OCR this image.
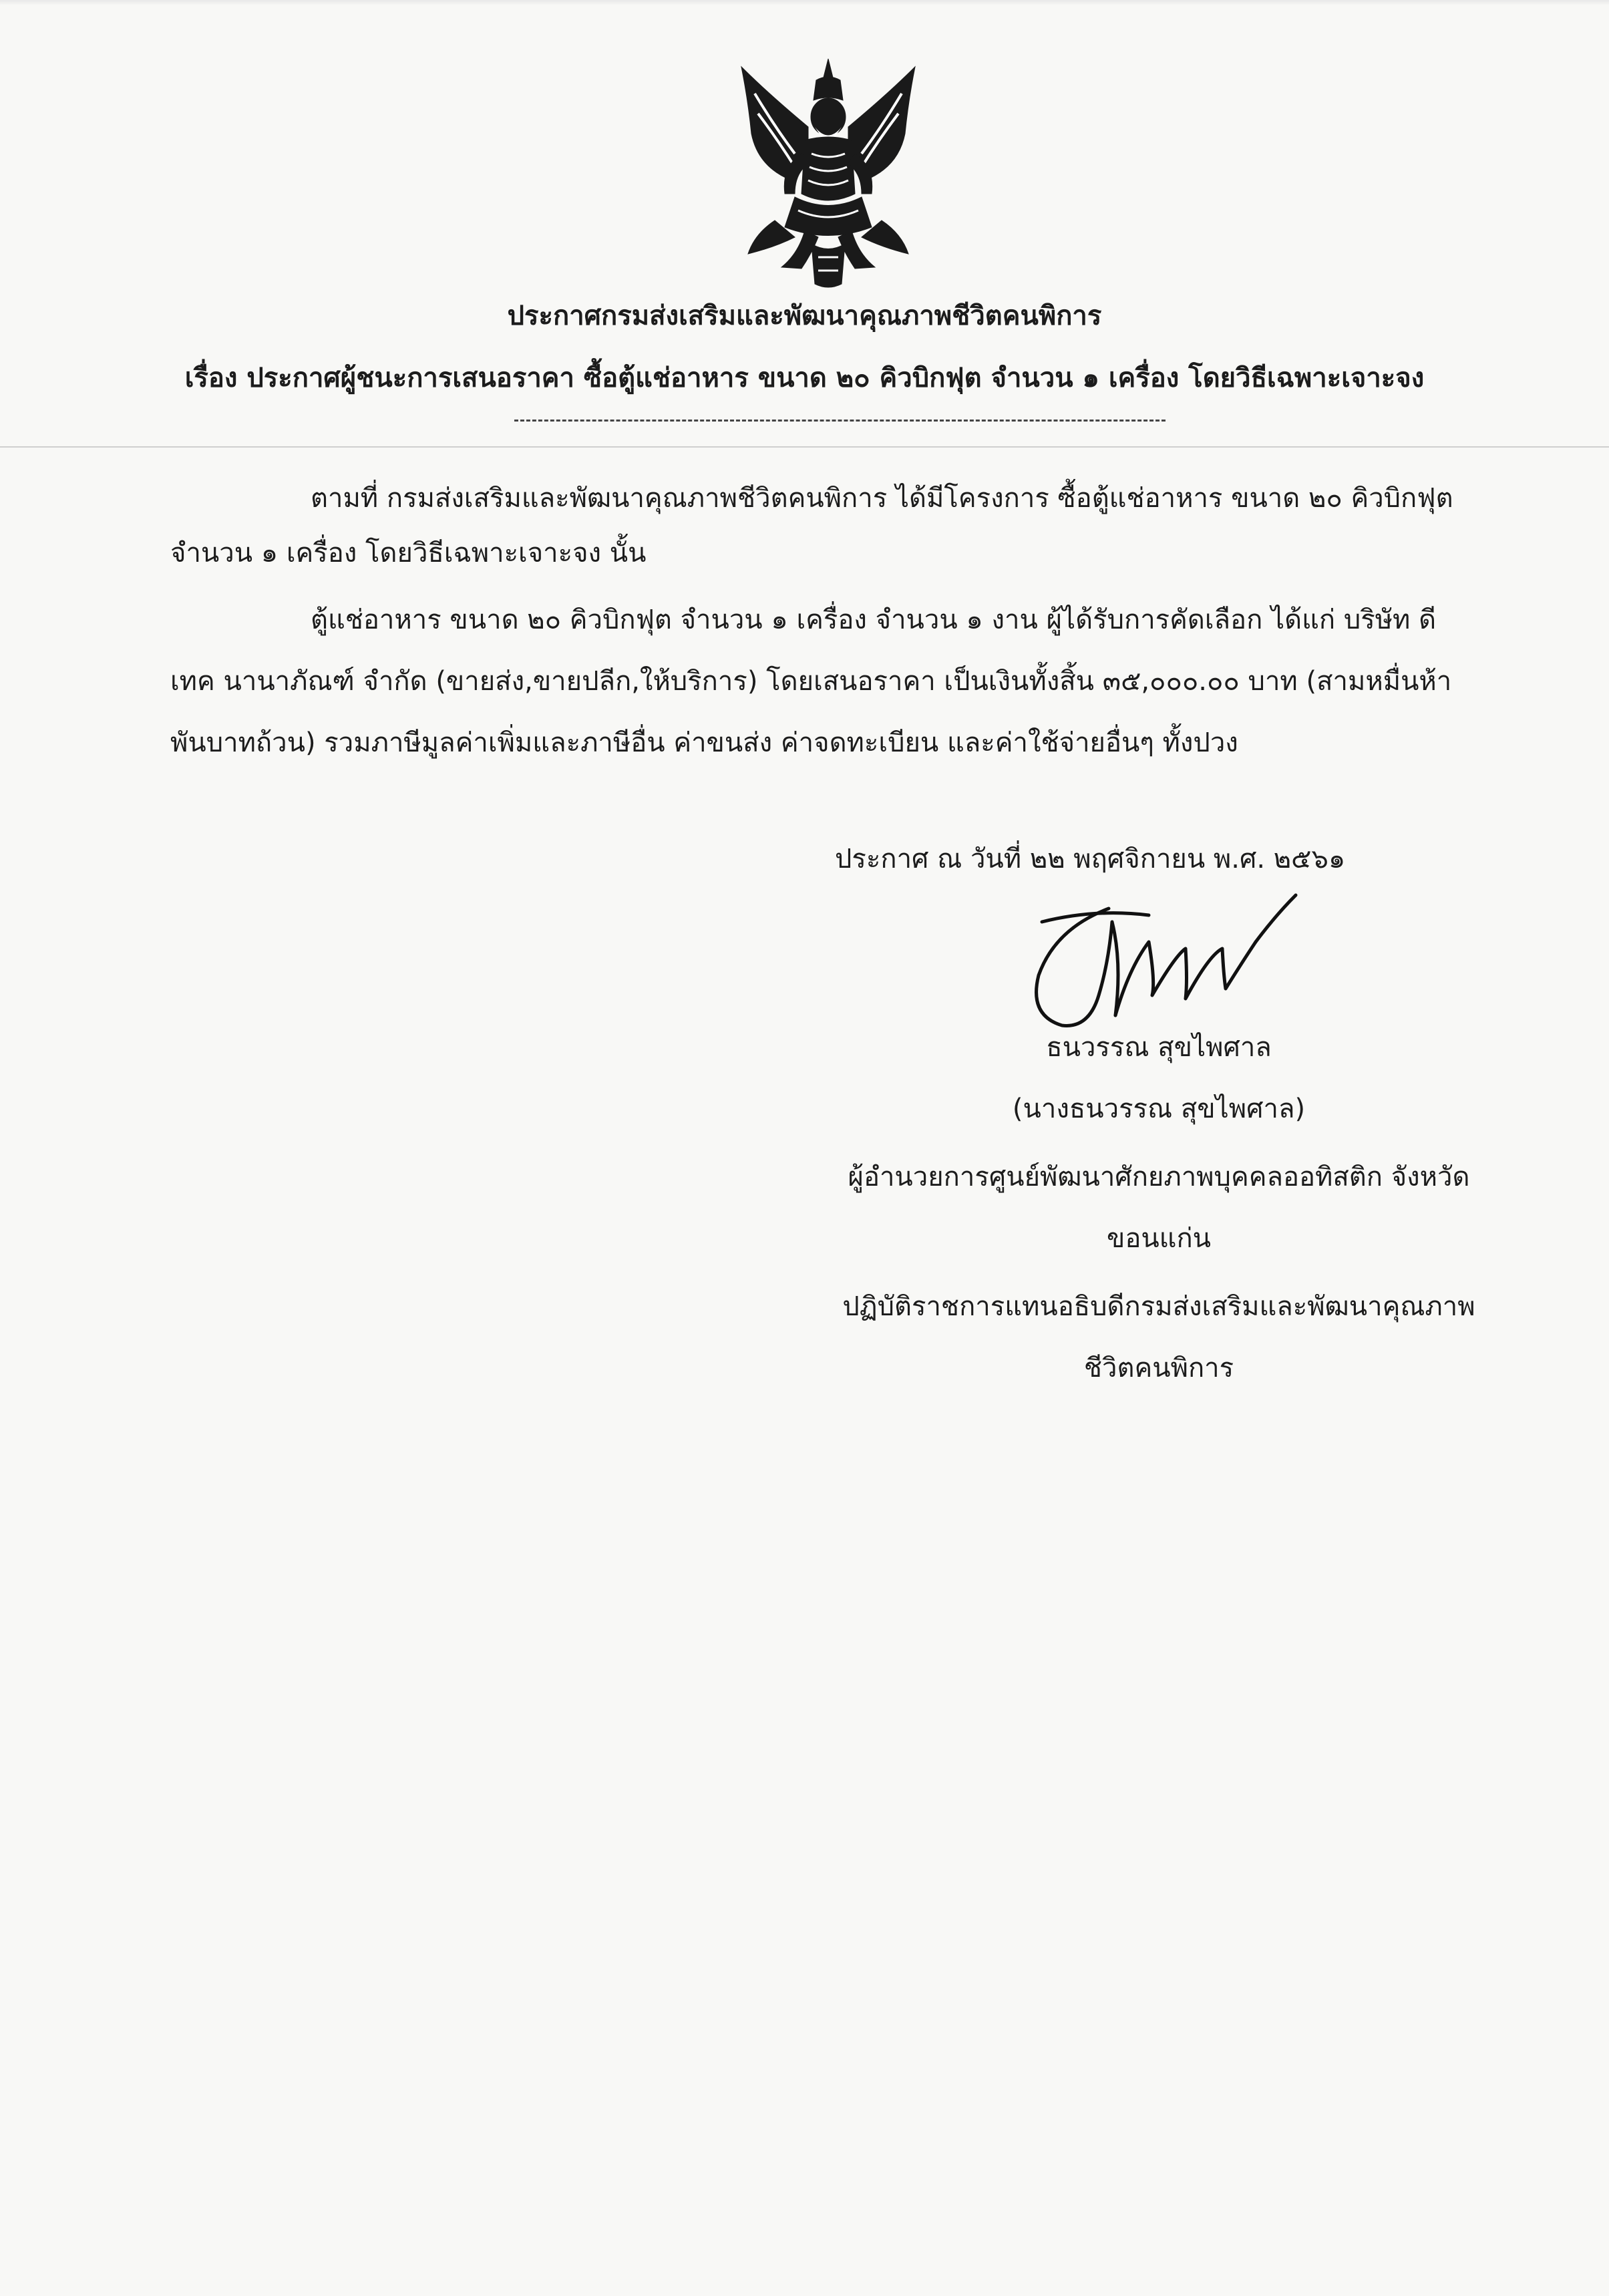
ประกาศกรมส่งเสริมและพัฒนาคุณภาพชีวิตคนพิการ
เรื่อง ประกาศผู้ชนะการเสนอราคา ซื้อตู้แช่อาหาร ขนาด ๒๐ คิวบิกฟุต จำนวน ๑ เครื่อง โดยวิธีเฉพาะเจาะจง
ตามที่ กรมส่งเสริมและพัฒนาคุณภาพชีวิตคนพิการ ได้มีโครงการ ซื้อตู้แช่อาหาร ขนาด ๒๐ คิวบิกฟุต
จำนวน ๑ เครื่อง โดยวิธีเฉพาะเจาะจง นั้น
ตู้แช่อาหาร ขนาด ๒๐ คิวบิกฟุต จำนวน ๑ เครื่อง จำนวน ๑ งาน ผู้ได้รับการคัดเลือก ได้แก่ บริษัท ดี
เทค นานาภัณฑ์ จำกัด (ขายส่ง,ขายปลีก,ให้บริการ) โดยเสนอราคา เป็นเงินทั้งสิ้น ๓๕,๐๐๐.๐๐ บาท (สามหมื่นห้า
พันบาทถ้วน) รวมภาษีมูลค่าเพิ่มและภาษีอื่น ค่าขนส่ง ค่าจดทะเบียน และค่าใช้จ่ายอื่นๆ ทั้งปวง
ประกาศ ณ วันที่ ๒๒ พฤศจิกายน พ.ศ. ๒๕๖๑
ธนวรรณ สุขไพศาล
(นางธนวรรณ สุขไพศาล)
ผู้อำนวยการศูนย์พัฒนาศักยภาพบุคคลออทิสติก จังหวัด
ขอนแก่น
ปฏิบัติราชการแทนอธิบดีกรมส่งเสริมและพัฒนาคุณภาพ
ชีวิตคนพิการ
